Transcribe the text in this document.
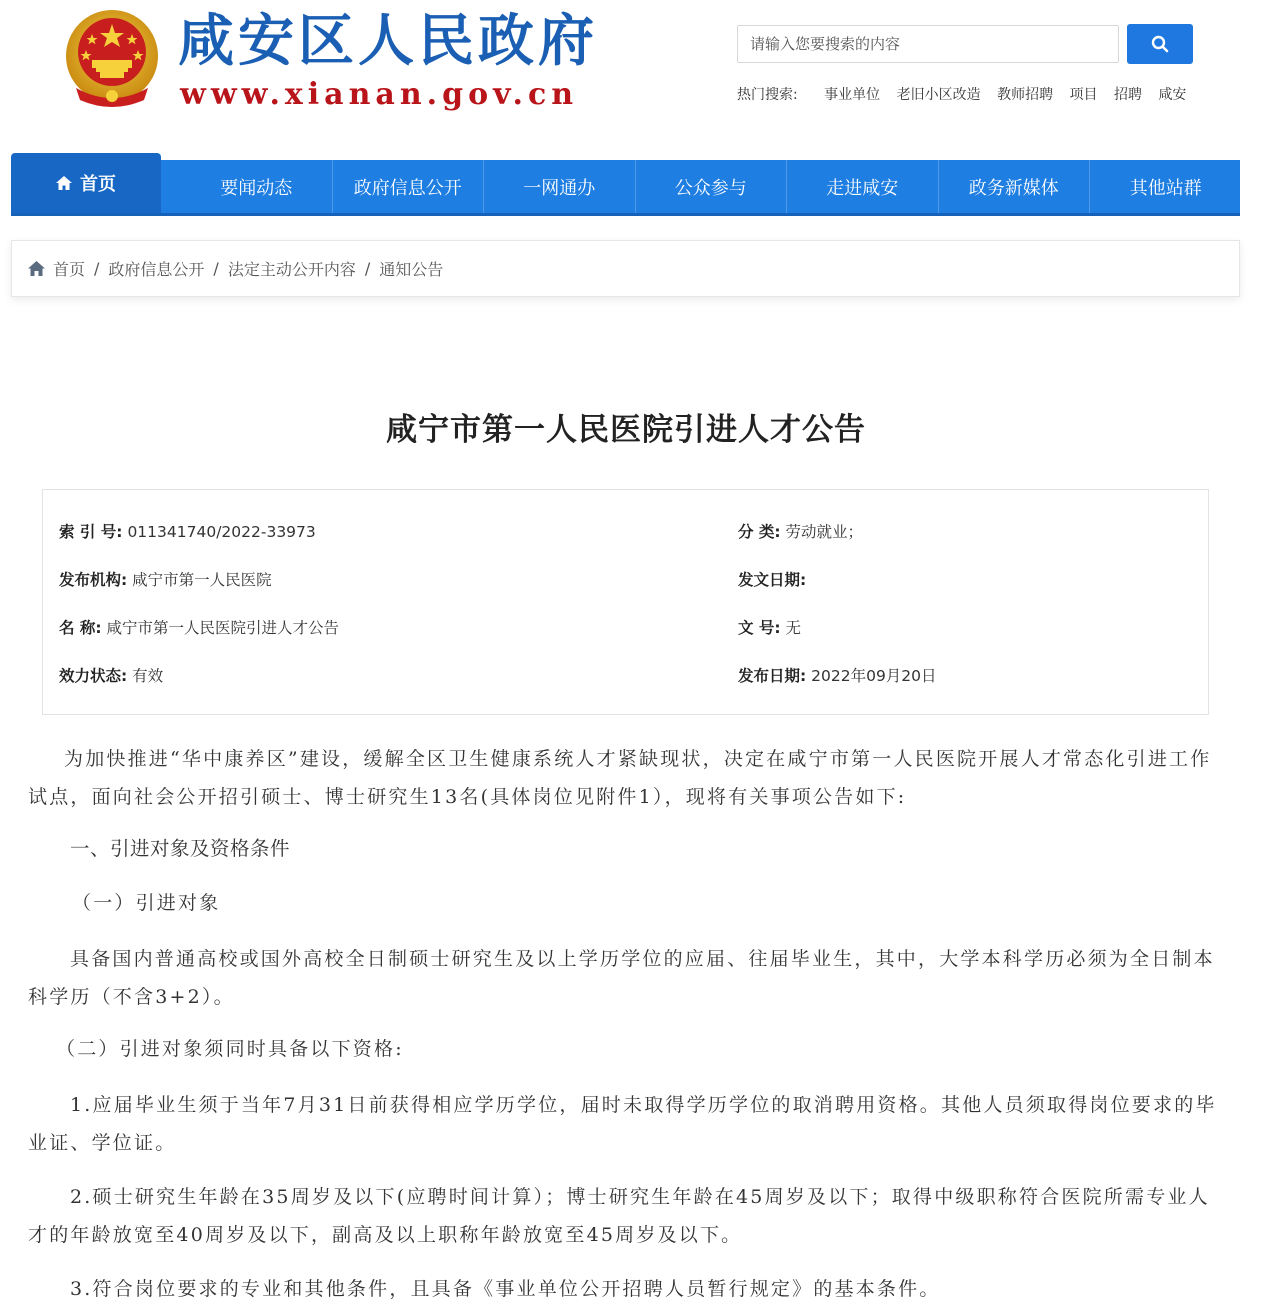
咸安区人民政府
www.xianan.gov.cn
请输入您要搜索的内容	热门搜索: 事业单位 老旧小区改造 教师招聘 项目 招聘 咸安
首页	要闻动态	政府信息公开	一网通办	公众参与	走进咸安	政务新媒体	其他站群
首页 / 政府信息公开 / 法定主动公开内容 / 通知公告
咸宁市第一人民医院引进人才公告
索 引 号: 011341740/2022-33973	分 类: 劳动就业；
发布机构: 咸宁市第一人民医院	发文日期:
名 称: 咸宁市第一人民医院引进人才公告	文 号: 无
效力状态: 有效	发布日期: 2022年09月20日

为加快推进“华中康养区”建设，缓解全区卫生健康系统人才紧缺现状，决定在咸宁市第一人民医院开展人才常态化引进工作试点，面向社会公开招引硕士、博士研究生13名(具体岗位见附件1），现将有关事项公告如下:

一、引进对象及资格条件

（一）引进对象

具备国内普通高校或国外高校全日制硕士研究生及以上学历学位的应届、往届毕业生，其中，大学本科学历必须为全日制本科学历（不含3+2）。

（二）引进对象须同时具备以下资格:

1.应届毕业生须于当年7月31日前获得相应学历学位，届时未取得学历学位的取消聘用资格。其他人员须取得岗位要求的毕业证、学位证。

2.硕士研究生年龄在35周岁及以下(应聘时间计算）；博士研究生年龄在45周岁及以下；取得中级职称符合医院所需专业人才的年龄放宽至40周岁及以下，副高及以上职称年龄放宽至45周岁及以下。

3.符合岗位要求的专业和其他条件，且具备《事业单位公开招聘人员暂行规定》的基本条件。
